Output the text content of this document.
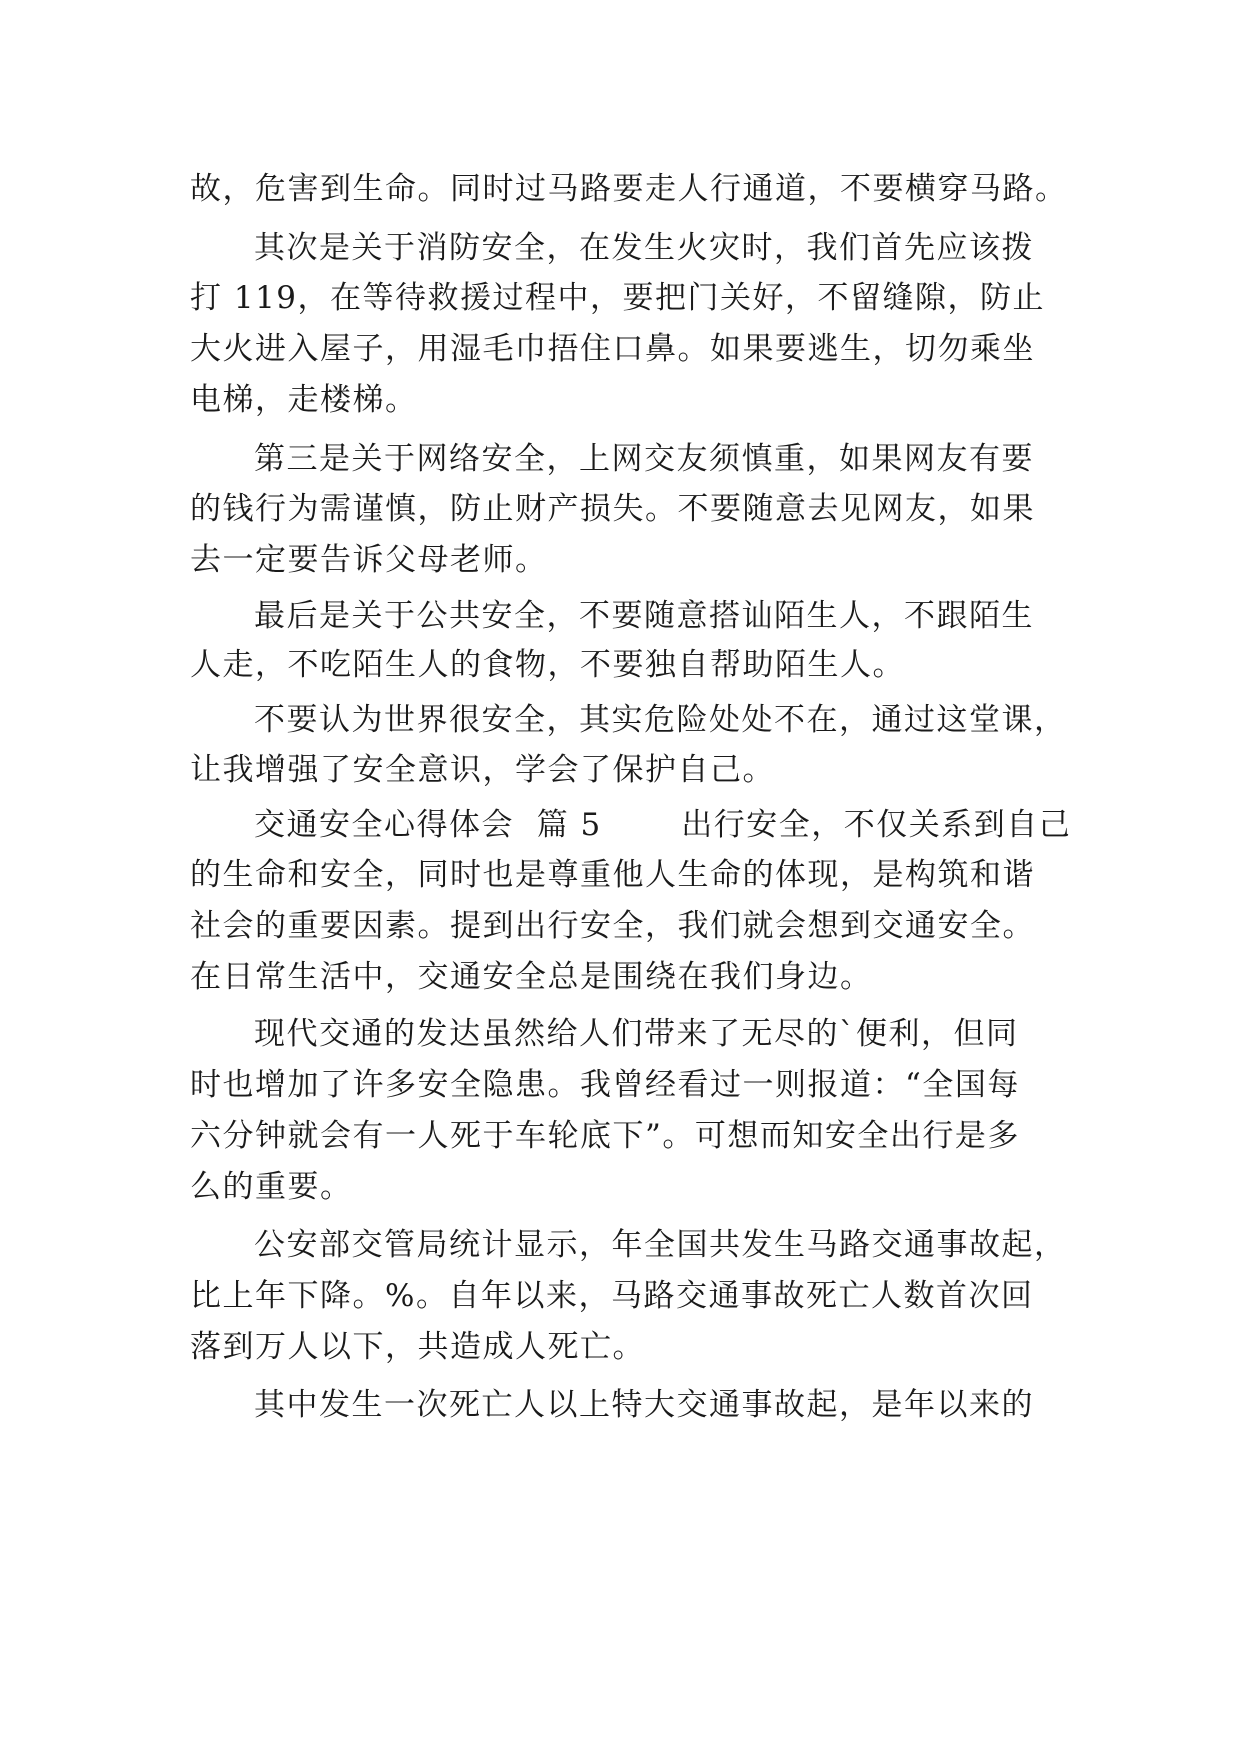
故，危害到生命。同时过马路要走人行通道，不要横穿马路。
其次是关于消防安全，在发生火灾时，我们首先应该拨
打 119，在等待救援过程中，要把门关好，不留缝隙，防止
大火进入屋子，用湿毛巾捂住口鼻。如果要逃生，切勿乘坐
电梯，走楼梯。
第三是关于网络安全，上网交友须慎重，如果网友有要
的钱行为需谨慎，防止财产损失。不要随意去见网友，如果
去一定要告诉父母老师。
最后是关于公共安全，不要随意搭讪陌生人，不跟陌生
人走，不吃陌生人的食物，不要独自帮助陌生人。
不要认为世界很安全，其实危险处处不在，通过这堂课，
让我增强了安全意识，学会了保护自己。
交通安全心得体会  篇 5       出行安全，不仅关系到自己
的生命和安全，同时也是尊重他人生命的体现，是构筑和谐
社会的重要因素。提到出行安全，我们就会想到交通安全。
在日常生活中，交通安全总是围绕在我们身边。
现代交通的发达虽然给人们带来了无尽的`便利，但同
时也增加了许多安全隐患。我曾经看过一则报道：“全国每
六分钟就会有一人死于车轮底下”。可想而知安全出行是多
么的重要。
公安部交管局统计显示，年全国共发生马路交通事故起，
比上年下降。%。自年以来，马路交通事故死亡人数首次回
落到万人以下，共造成人死亡。
其中发生一次死亡人以上特大交通事故起，是年以来的
